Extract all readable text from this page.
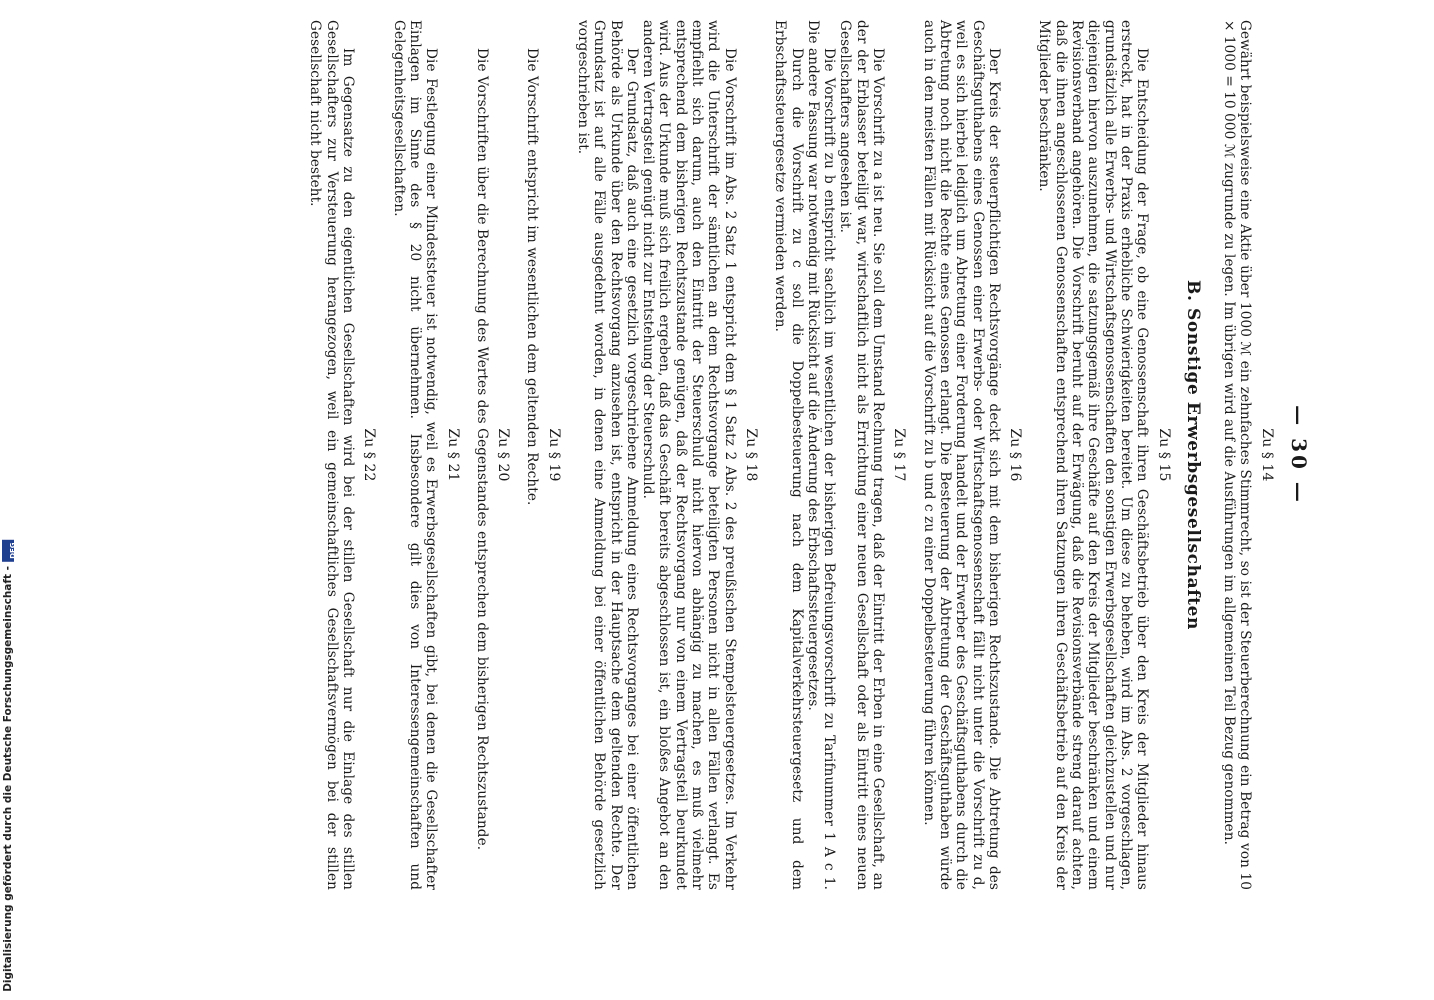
— 30 —
Zu § 14
Gewährt beispielsweise eine Aktie über 1000 ℳ ein zehnfaches Stimmrecht, so ist der Steuerberechnung ein Betrag von 10 × 1000 = 10 000 ℳ zugrunde zu legen. Im übrigen wird auf die Ausführungen im allgemeinen Teil Bezug genommen.
B. Sonstige Erwerbsgesellschaften
Zu § 15
Die Entscheidung der Frage, ob eine Genossenschaft ihren Geschäftsbetrieb über den Kreis der Mitglieder hinaus erstreckt, hat in der Praxis erhebliche Schwierigkeiten bereitet. Um diese zu beheben, wird im Abs. 2 vorgeschlagen, grundsätzlich alle Erwerbs- und Wirtschaftsgenossenschaften den sonstigen Erwerbsgesellschaften gleichzustellen und nur diejenigen hiervon auszunehmen, die satzungsgemäß ihre Geschäfte auf den Kreis der Mitglieder beschränken und einem Revisionsverband angehören. Die Vorschrift beruht auf der Erwägung, daß die Revisionsverbände streng darauf achten, daß die ihnen angeschlossenen Genossenschaften entsprechend ihren Satzungen ihren Geschäftsbetrieb auf den Kreis der Mitglieder beschränken.
Zu § 16
Der Kreis der steuerpflichtigen Rechtsvorgänge deckt sich mit dem bisherigen Rechtszustande. Die Abtretung des Geschäftsguthabens eines Genossen einer Erwerbs- oder Wirtschaftsgenossenschaft fällt nicht unter die Vorschrift zu d, weil es sich hierbei lediglich um Abtretung einer Forderung handelt und der Erwerber des Geschäftsguthabens durch die Abtretung noch nicht die Rechte eines Genossen erlangt. Die Besteuerung der Abtretung der Geschäftsguthaben würde auch in den meisten Fällen mit Rücksicht auf die Vorschrift zu b und c zu einer Doppelbesteuerung führen können.
Zu § 17
Die Vorschrift zu a ist neu. Sie soll dem Umstand Rechnung tragen, daß der Eintritt der Erben in eine Gesellschaft, an der der Erblasser beteiligt war, wirtschaftlich nicht als Errichtung einer neuen Gesellschaft oder als Eintritt eines neuen Gesellschafters angesehen ist.
Die Vorschrift zu b entspricht sachlich im wesentlichen der bisherigen Befreiungsvorschrift zu Tarifnummer 1 A c 1. Die andere Fassung war notwendig mit Rücksicht auf die Änderung des Erbschaftssteuergesetzes.
Durch die Vorschrift zu c soll die Doppelbesteuerung nach dem Kapitalverkehrsteuergesetz und dem Erbschaftssteuergesetze vermieden werden.
Zu § 18
Die Vorschrift im Abs. 2 Satz 1 entspricht dem § 1 Satz 2 Abs. 2 des preußischen Stempelsteuergesetzes. Im Verkehr wird die Unterschrift der sämtlichen an dem Rechtsvorgange beteiligten Personen nicht in allen Fällen verlangt. Es empfiehlt sich darum, auch den Eintritt der Steuerschuld nicht hiervon abhängig zu machen, es muß vielmehr entsprechend dem bisherigen Rechtszustande genügen, daß der Rechtsvorgang nur von einem Vertragsteil beurkundet wird. Aus der Urkunde muß sich freilich ergeben, daß das Geschäft bereits abgeschlossen ist, ein bloßes Angebot an den anderen Vertragsteil genügt nicht zur Entstehung der Steuerschuld.
Der Grundsatz, daß auch eine gesetzlich vorgeschriebene Anmeldung eines Rechtsvorganges bei einer öffentlichen Behörde als Urkunde über den Rechtsvorgang anzusehen ist, entspricht in der Hauptsache dem geltenden Rechte. Der Grundsatz ist auf alle Fälle ausgedehnt worden, in denen eine Anmeldung bei einer öffentlichen Behörde gesetzlich vorgeschrieben ist.
Zu § 19
Die Vorschrift entspricht im wesentlichen dem geltenden Rechte.
Zu § 20
Die Vorschriften über die Berechnung des Wertes des Gegenstandes entsprechen dem bisherigen Rechtszustande.
Zu § 21
Die Festlegung einer Mindeststeuer ist notwendig, weil es Erwerbsgesellschaften gibt, bei denen die Gesellschafter Einlagen im Sinne des § 20 nicht übernehmen. Insbesondere gilt dies von Interessengemeinschaften und Gelegenheitsgesellschaften.
Zu § 22
Im Gegensatze zu den eigentlichen Gesellschaften wird bei der stillen Gesellschaft nur die Einlage des stillen Gesellschafters zur Versteuerung herangezogen, weil ein gemeinschaftliches Gesellschaftsvermögen bei der stillen Gesellschaft nicht besteht.
Digitalisierung gefördert durch die Deutsche Forschungsgemeinschaft -
DFG
